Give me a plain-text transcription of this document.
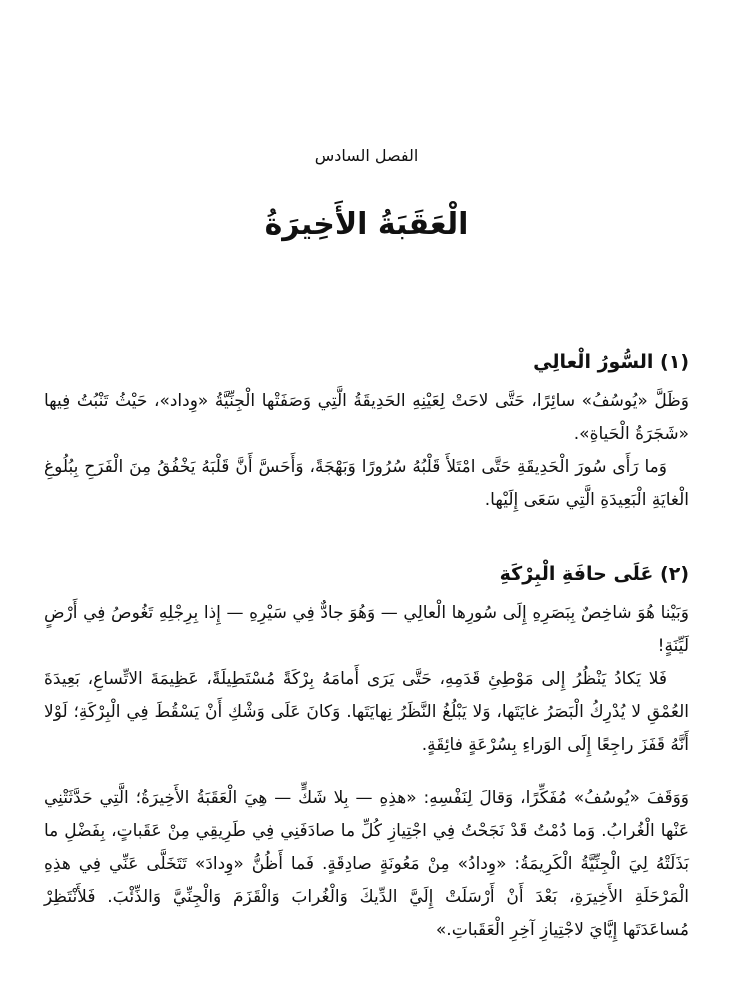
الفصل السادس
الْعَقَبَةُ الأَخِيرَةُ
(١) السُّورُ الْعالِي

وَظَلَّ «يُوسُفُ» سائِرًا، حَتَّى لاحَتْ لِعَيْنِهِ الحَدِيقَةُ الَّتِي وَصَفَتْها الْجِنِّيَّةُ «وِداد»، حَيْثُ تَنْبُتُ فِيها «شَجَرَةُ الْحَياةِ».

وَما رَأَى سُورَ الْحَدِيقَةِ حَتَّى امْتَلأَ قَلْبُهُ سُرُورًا وَبَهْجَةً، وَأَحَسَّ أَنَّ قَلْبَهُ يَخْفُقُ مِنَ الْفَرَحِ بِبُلُوغِ الْغايَةِ الْبَعِيدَةِ الَّتِي سَعَى إِلَيْها.

(٢) عَلَى حافَةِ الْبِرْكَةِ

وَبَيْنا هُوَ شاخِصٌ بِبَصَرِهِ إِلَى سُورِها الْعالِي — وَهُوَ جادٌّ فِي سَيْرِهِ — إِذا بِرِجْلِهِ تَغُوصُ فِي أَرْضٍ لَيِّنَةٍ!

فَلا يَكادُ يَنْظُرُ إِلى مَوْطِئِ قَدَمِهِ، حَتَّى يَرَى أَمامَهُ بِرْكَةً مُسْتَطِيلَةً، عَظِيمَةَ الاتِّساعِ، بَعِيدَةَ العُمْقِ لا يُدْرِكُ الْبَصَرُ غايَتَها، وَلا يَبْلُغُ النَّظَرُ نِهايَتَها. وَكانَ عَلَى وَشْكِ أَنْ يَسْقُطَ فِي الْبِرْكَةِ؛ لَوْلا أَنَّهُ قَفَزَ راجِعًا إِلَى الوَراءِ بِسُرْعَةٍ فائِقَةٍ.

وَوَقَفَ «يُوسُفُ» مُفَكِّرًا، وَقالَ لِنَفْسِهِ: «هذِهِ — بِلا شَكٍّ — هِيَ الْعَقَبَةُ الأَخِيرَةُ؛ الَّتِي حَدَّثَتْنِي عَنْها الْغُرابُ. وَما دُمْتُ قَدْ نَجَحْتُ فِي اجْتِيازِ كُلِّ ما صادَفَنِي فِي طَرِيقِي مِنْ عَقَباتٍ، بِفَضْلِ ما بَذَلَتْهُ لِيَ الْجِنِّيَّةُ الْكَرِيمَةُ: «وِدادُ» مِنْ مَعُونَةٍ صادِقَةٍ. فَما أَظُنُّ «وِدادَ» تَتَخَلَّى عَنِّي فِي هذِهِ الْمَرْحَلَةِ الأَخِيرَةِ، بَعْدَ أَنْ أَرْسَلَتْ إِلَيَّ الدِّيكَ وَالْغُرابَ وَالْقَزَمَ وَالْجِنِّيَّ وَالذِّئْبَ. فَلأَنْتَظِرْ مُساعَدَتَها إِيَّايَ لاجْتِيازِ آخِرِ الْعَقَباتِ.»
